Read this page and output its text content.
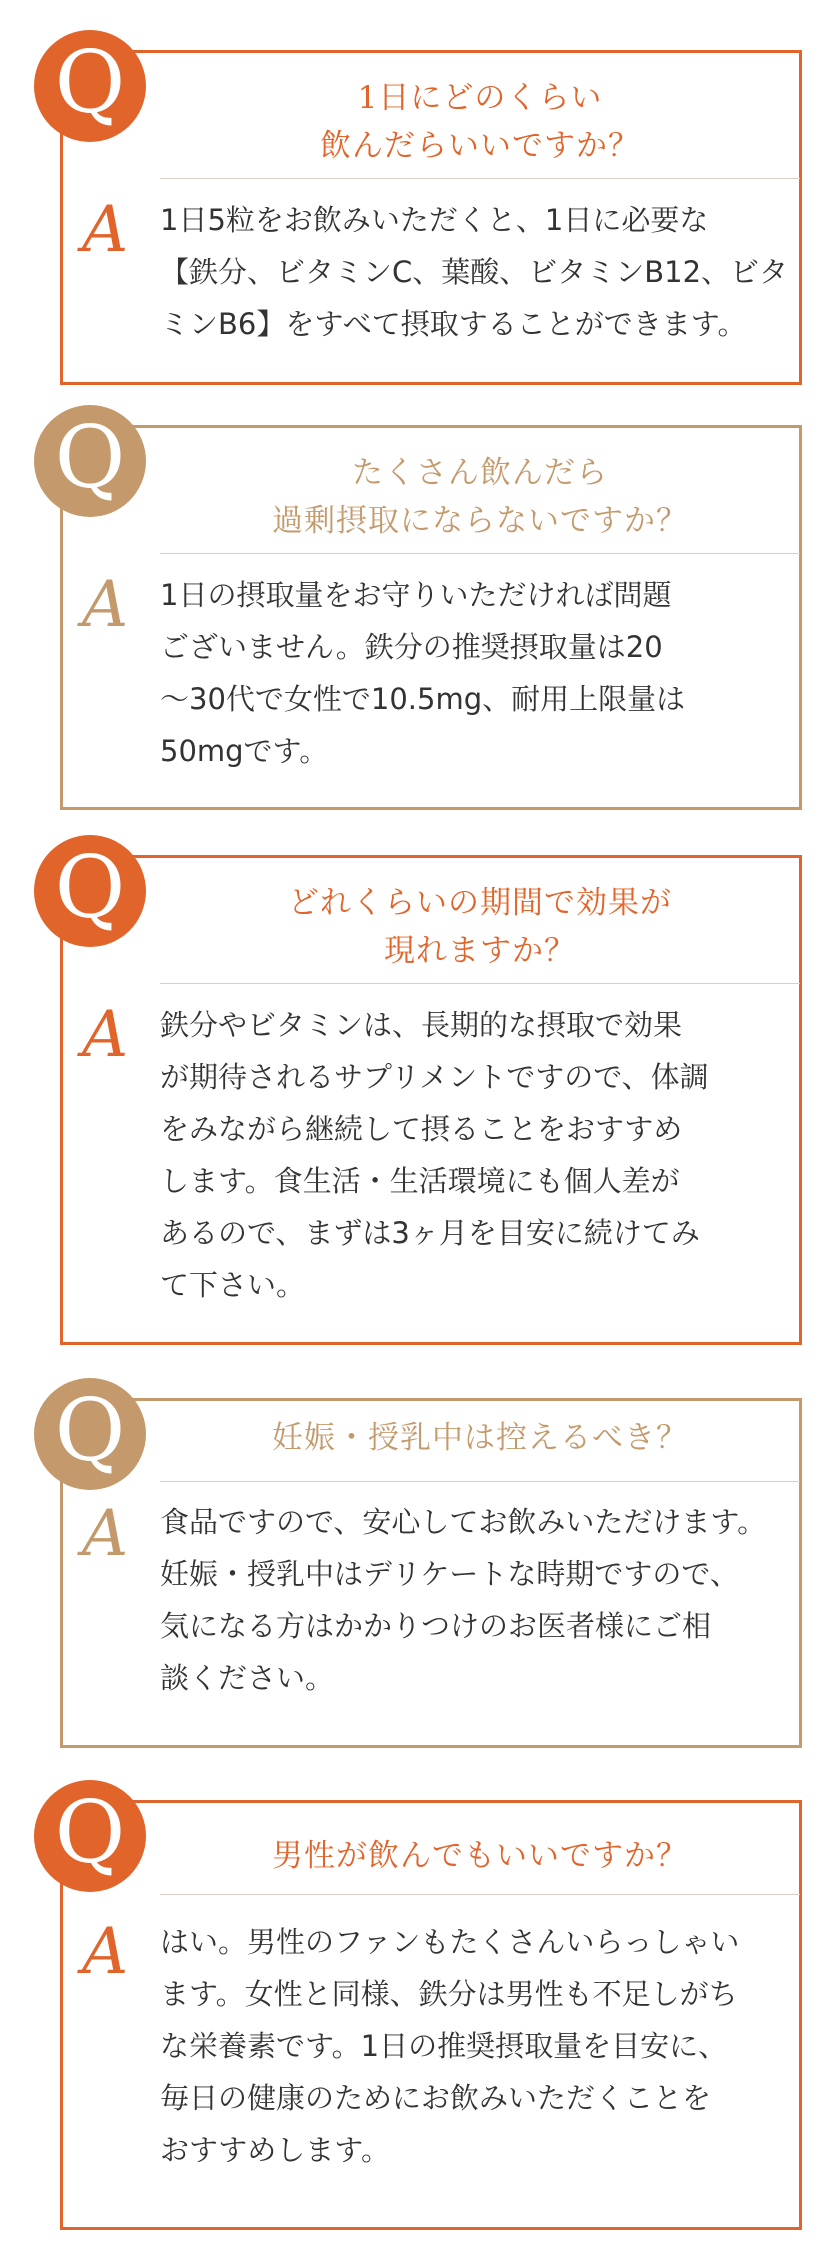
Q	1日にどのくらい
飲んだらいいですか？
A	1日5粒をお飲みいただくと、1日に必要な
【鉄分、ビタミンC、葉酸、ビタミンB12、ビタ
ミンB6】をすべて摂取することができます。
Q	たくさん飲んだら
過剰摂取にならないですか？
A	1日の摂取量をお守りいただければ問題
ございません。鉄分の推奨摂取量は20
〜30代で女性で10.5mg、耐用上限量は
50mgです。
Q	どれくらいの期間で効果が
現れますか？
A	鉄分やビタミンは、長期的な摂取で効果
が期待されるサプリメントですので、体調
をみながら継続して摂ることをおすすめ
します。食生活・生活環境にも個人差が
あるので、まずは3ヶ月を目安に続けてみ
て下さい。
Q	妊娠・授乳中は控えるべき？
A	食品ですので、安心してお飲みいただけます。
妊娠・授乳中はデリケートな時期ですので、
気になる方はかかりつけのお医者様にご相
談ください。
Q	男性が飲んでもいいですか？
A	はい。男性のファンもたくさんいらっしゃい
ます。女性と同様、鉄分は男性も不足しがち
な栄養素です。1日の推奨摂取量を目安に、
毎日の健康のためにお飲みいただくことを
おすすめします。
